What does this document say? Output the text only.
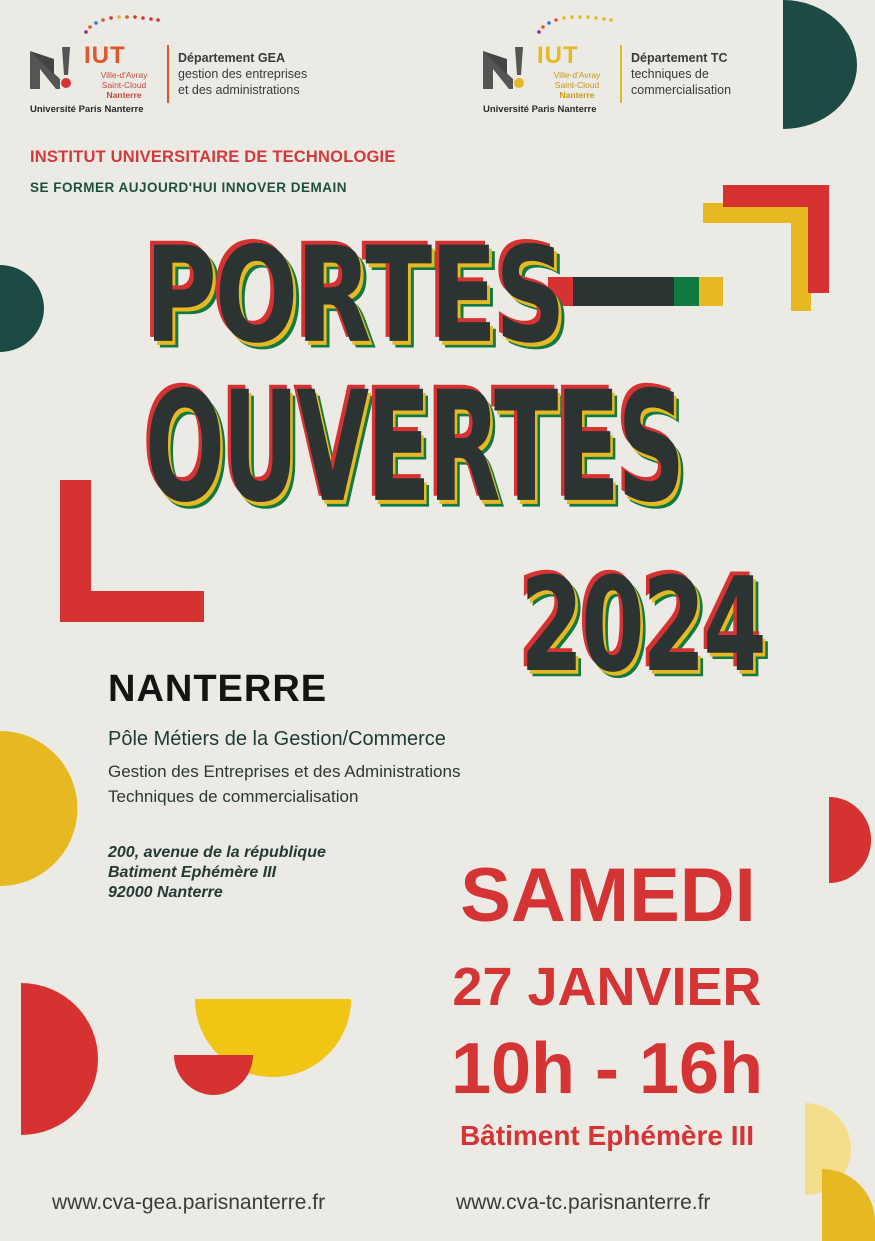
IUT
Ville-d'Avray
Saint-Cloud
Nanterre
Université Paris Nanterre
Département GEA
gestion des entreprises
et des administrations
IUT
Ville-d'Avray
Saint-Cloud
Nanterre
Université Paris Nanterre
Département TC
techniques de
commercialisation
INSTITUT UNIVERSITAIRE DE TECHNOLOGIE
SE FORMER AUJOURD'HUI INNOVER DEMAIN
PORTES
OUVERTES
2024
NANTERRE
Pôle Métiers de la Gestion/Commerce
Gestion des Entreprises et des Administrations
Techniques de commercialisation
200, avenue de la république
Batiment Ephémère III
92000 Nanterre	SAMEDI
27 JANVIER
10h - 16h
Bâtiment Ephémère III
www.cva-gea.parisnanterre.fr	www.cva-tc.parisnanterre.fr
